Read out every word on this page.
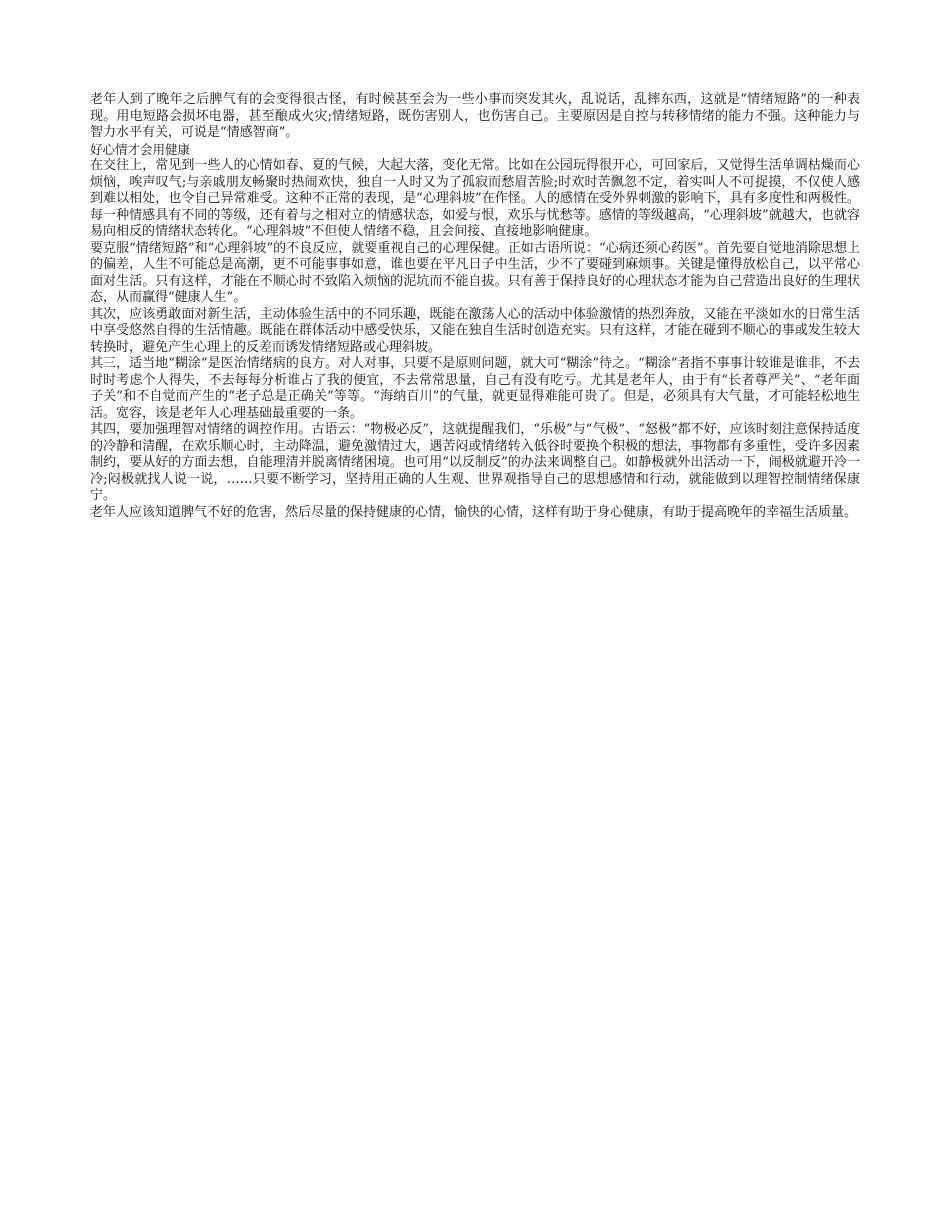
老年人到了晚年之后脾气有的会变得很古怪，有时候甚至会为一些小事而突发其火，乱说话，乱摔东西，这就是“情绪短路”的一种表现。用电短路会损坏电器，甚至酿成火灾;情绪短路，既伤害别人，也伤害自己。主要原因是自控与转移情绪的能力不强。这种能力与智力水平有关，可说是“情感智商”。

好心情才会用健康

在交往上，常见到一些人的心情如春、夏的气候，大起大落，变化无常。比如在公园玩得很开心，可回家后，又觉得生活单调枯燥而心烦恼，唉声叹气;与亲戚朋友畅聚时热闹欢快，独自一人时又为了孤寂而愁眉苦脸;时欢时苦飘忽不定，着实叫人不可捉摸，不仅使人感到难以相处，也令自己异常难受。这种不正常的表现，是“心理斜坡”在作怪。人的感情在受外界刺激的影响下，具有多度性和两极性。每一种情感具有不同的等级，还有着与之相对立的情感状态，如爱与恨，欢乐与忧愁等。感情的等级越高，“心理斜坡”就越大，也就容易向相反的情绪状态转化。“心理斜坡”不但使人情绪不稳，且会间接、直接地影响健康。

要克服“情绪短路”和“心理斜坡”的不良反应，就要重视自己的心理保健。正如古语所说：“心病还须心药医”。首先要自觉地消除思想上的偏差，人生不可能总是高潮，更不可能事事如意，谁也要在平凡日子中生活，少不了要碰到麻烦事。关键是懂得放松自己，以平常心面对生活。只有这样，才能在不顺心时不致陷入烦恼的泥坑而不能自拔。只有善于保持良好的心理状态才能为自己营造出良好的生理状态，从而赢得“健康人生”。

其次，应该勇敢面对新生活，主动体验生活中的不同乐趣，既能在激荡人心的活动中体验激情的热烈奔放，又能在平淡如水的日常生活中享受悠然自得的生活情趣。既能在群体活动中感受快乐，又能在独自生活时创造充实。只有这样，才能在碰到不顺心的事或发生较大转换时，避免产生心理上的反差而诱发情绪短路或心理斜坡。

其三，适当地“糊涂”是医治情绪病的良方。对人对事，只要不是原则问题，就大可“糊涂”待之。“糊涂”者指不事事计较谁是谁非，不去时时考虑个人得失，不去每每分析谁占了我的便宜，不去常常思量，自己有没有吃亏。尤其是老年人，由于有“长者尊严关”、“老年面子关”和不自觉而产生的“老子总是正确关”等等。“海纳百川”的气量，就更显得难能可贵了。但是，必须具有大气量，才可能轻松地生活。宽容，该是老年人心理基础最重要的一条。

其四，要加强理智对情绪的调控作用。古语云：“物极必反”，这就提醒我们，“乐极”与“气极”、“怒极”都不好，应该时刻注意保持适度的冷静和清醒，在欢乐顺心时，主动降温，避免激情过大，遇苦闷或情绪转入低谷时要换个积极的想法，事物都有多重性，受许多因素制约，要从好的方面去想，自能理清并脱离情绪困境。也可用“以反制反”的办法来调整自己。如静极就外出活动一下，闹极就避开冷一冷;闷极就找人说一说，……只要不断学习，坚持用正确的人生观、世界观指导自己的思想感情和行动，就能做到以理智控制情绪保康宁。

老年人应该知道脾气不好的危害，然后尽量的保持健康的心情，愉快的心情，这样有助于身心健康，有助于提高晚年的幸福生活质量。
